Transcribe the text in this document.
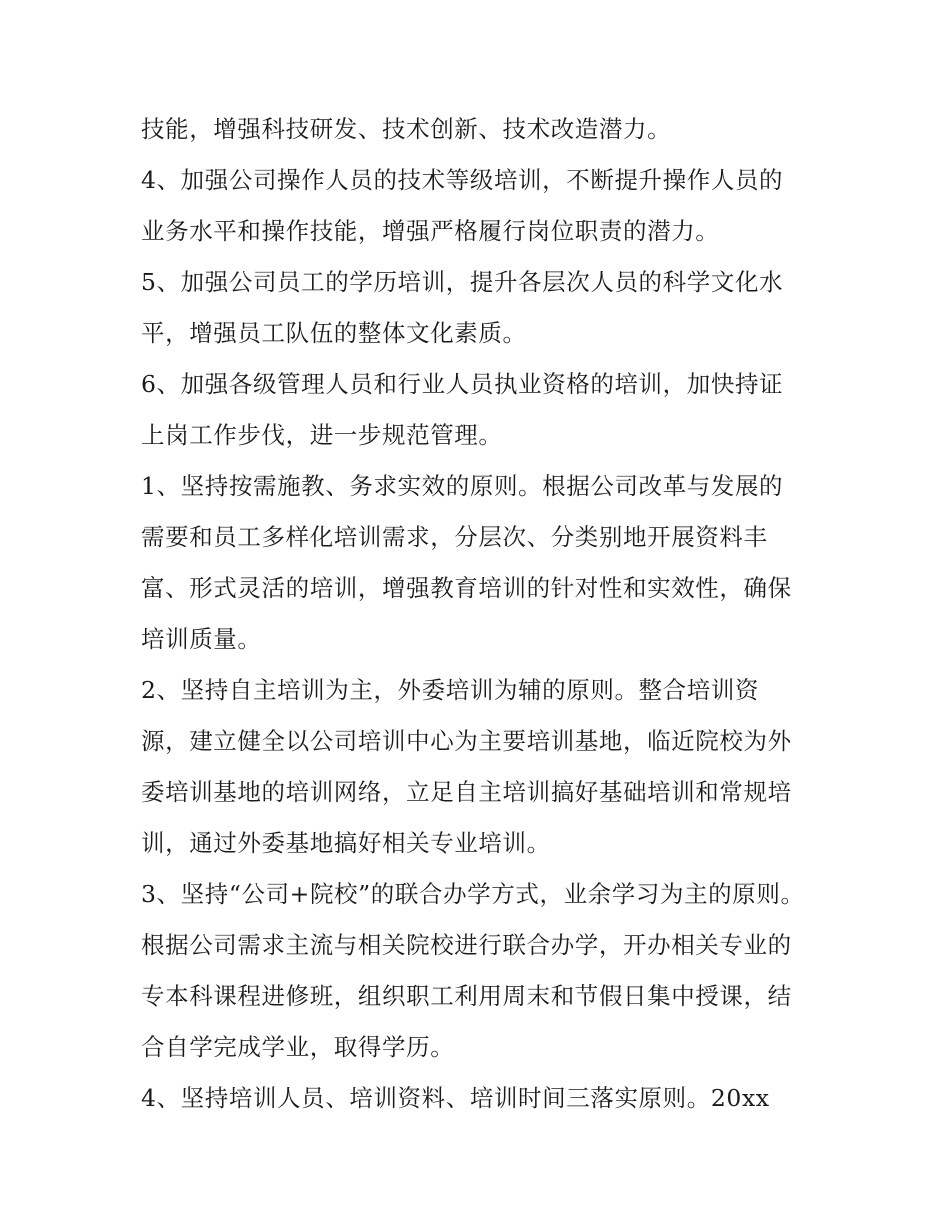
技能，增强科技研发、技术创新、技术改造潜力。
4、加强公司操作人员的技术等级培训，不断提升操作人员的
业务水平和操作技能，增强严格履行岗位职责的潜力。
5、加强公司员工的学历培训，提升各层次人员的科学文化水
平，增强员工队伍的整体文化素质。
6、加强各级管理人员和行业人员执业资格的培训，加快持证
上岗工作步伐，进一步规范管理。
1、坚持按需施教、务求实效的原则。根据公司改革与发展的
需要和员工多样化培训需求，分层次、分类别地开展资料丰
富、形式灵活的培训，增强教育培训的针对性和实效性，确保
培训质量。
2、坚持自主培训为主，外委培训为辅的原则。整合培训资
源，建立健全以公司培训中心为主要培训基地，临近院校为外
委培训基地的培训网络，立足自主培训搞好基础培训和常规培
训，通过外委基地搞好相关专业培训。
3、坚持“公司+院校”的联合办学方式，业余学习为主的原则。
根据公司需求主流与相关院校进行联合办学，开办相关专业的
专本科课程进修班，组织职工利用周末和节假日集中授课，结
合自学完成学业，取得学历。
4、坚持培训人员、培训资料、培训时间三落实原则。20xx
